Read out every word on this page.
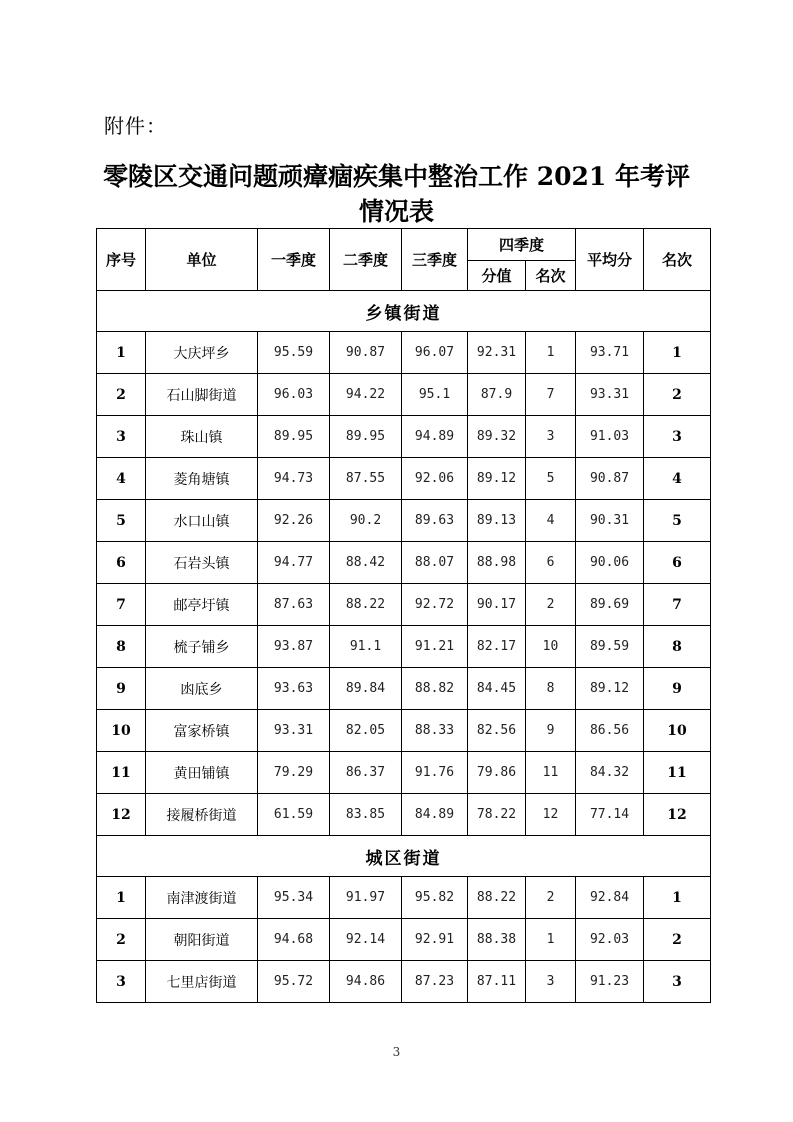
附件：
零陵区交通问题顽瘴痼疾集中整治工作 2021 年考评
情况表
序号	单位	一季度	二季度	三季度	四季度		平均分	名次
					分值	名次		
乡镇街道								
1	大庆坪乡	95.59	90.87	96.07	92.31	1	93.71	1
2	石山脚街道	96.03	94.22	95.1	87.9	7	93.31	2
3	珠山镇	89.95	89.95	94.89	89.32	3	91.03	3
4	菱角塘镇	94.73	87.55	92.06	89.12	5	90.87	4
5	水口山镇	92.26	90.2	89.63	89.13	4	90.31	5
6	石岩头镇	94.77	88.42	88.07	88.98	6	90.06	6
7	邮亭圩镇	87.63	88.22	92.72	90.17	2	89.69	7
8	梳子铺乡	93.87	91.1	91.21	82.17	10	89.59	8
9	凼底乡	93.63	89.84	88.82	84.45	8	89.12	9
10	富家桥镇	93.31	82.05	88.33	82.56	9	86.56	10
11	黄田铺镇	79.29	86.37	91.76	79.86	11	84.32	11
12	接履桥街道	61.59	83.85	84.89	78.22	12	77.14	12
城区街道								
1	南津渡街道	95.34	91.97	95.82	88.22	2	92.84	1
2	朝阳街道	94.68	92.14	92.91	88.38	1	92.03	2
3	七里店街道	95.72	94.86	87.23	87.11	3	91.23	3
3
